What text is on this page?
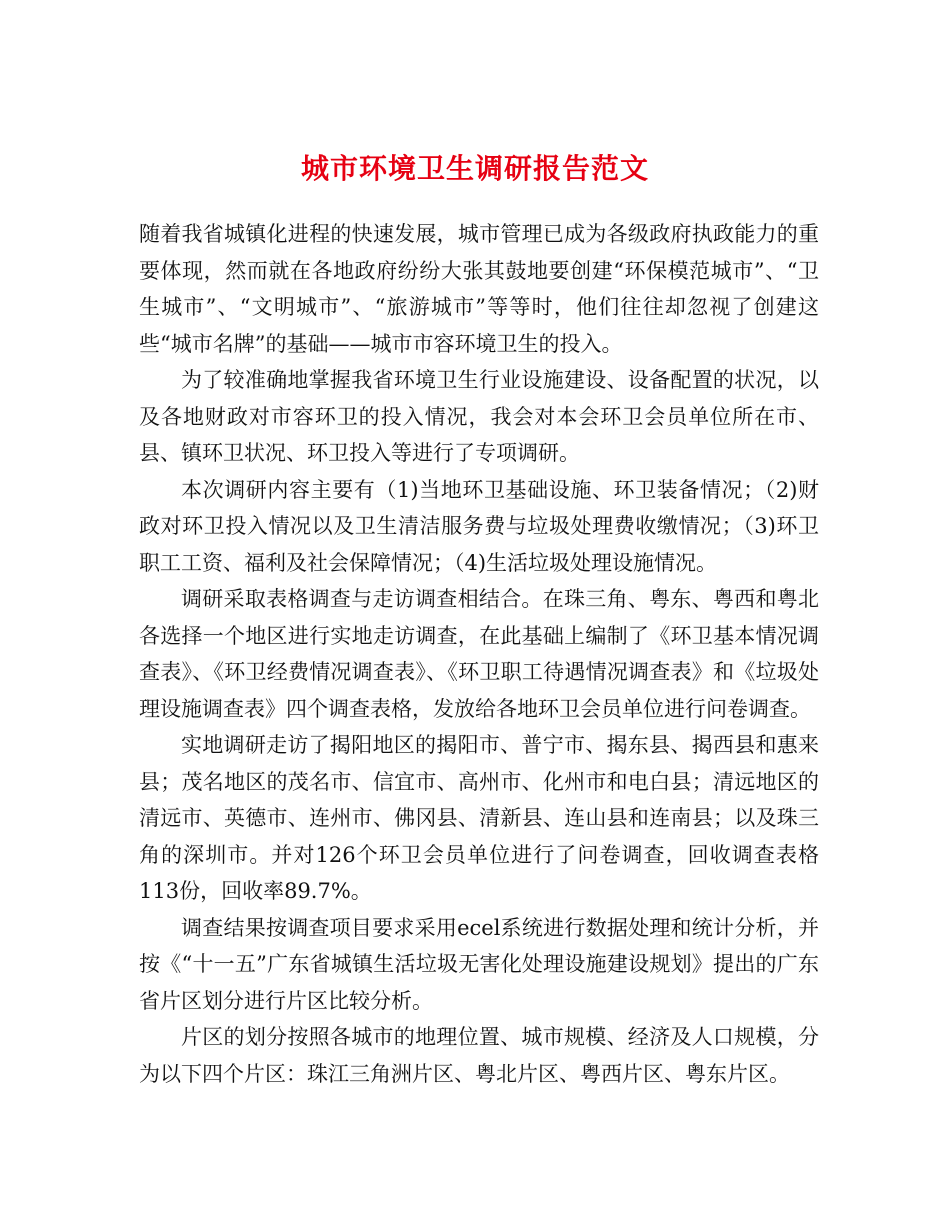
城市环境卫生调研报告范文

随着我省城镇化进程的快速发展，城市管理已成为各级政府执政能力的重要体现，然而就在各地政府纷纷大张其鼓地要创建“环保模范城市”、“卫生城市”、“文明城市”、“旅游城市”等等时，他们往往却忽视了创建这些“城市名牌”的基础——城市市容环境卫生的投入。

为了较准确地掌握我省环境卫生行业设施建设、设备配置的状况，以及各地财政对市容环卫的投入情况，我会对本会环卫会员单位所在市、县、镇环卫状况、环卫投入等进行了专项调研。

本次调研内容主要有（1)当地环卫基础设施、环卫装备情况；（2)财政对环卫投入情况以及卫生清洁服务费与垃圾处理费收缴情况；（3)环卫职工工资、福利及社会保障情况；（4)生活垃圾处理设施情况。

调研采取表格调查与走访调查相结合。在珠三角、粤东、粤西和粤北各选择一个地区进行实地走访调查，在此基础上编制了《环卫基本情况调查表》、《环卫经费情况调查表》、《环卫职工待遇情况调查表》和《垃圾处理设施调查表》四个调查表格，发放给各地环卫会员单位进行问卷调查。

实地调研走访了揭阳地区的揭阳市、普宁市、揭东县、揭西县和惠来县；茂名地区的茂名市、信宜市、高州市、化州市和电白县；清远地区的清远市、英德市、连州市、佛冈县、清新县、连山县和连南县；以及珠三角的深圳市。并对126个环卫会员单位进行了问卷调查，回收调查表格113份，回收率89.7%。

调查结果按调查项目要求采用ecel系统进行数据处理和统计分析，并按《“十一五”广东省城镇生活垃圾无害化处理设施建设规划》提出的广东省片区划分进行片区比较分析。

片区的划分按照各城市的地理位置、城市规模、经济及人口规模，分为以下四个片区：珠江三角洲片区、粤北片区、粤西片区、粤东片区。
